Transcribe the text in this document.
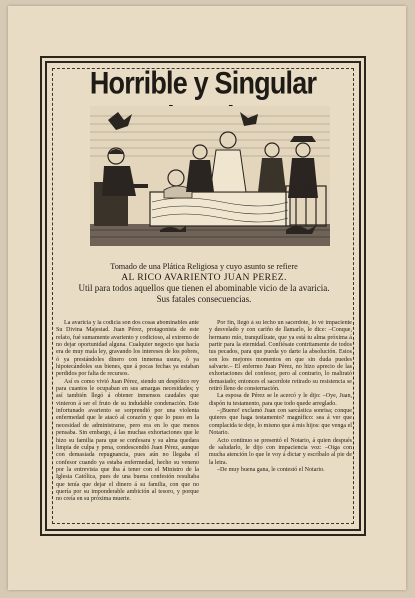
Horrible y Singular
Tomado de una Plática Religiosa y cuyo asunto se refiere
AL RICO AVARIENTO JUAN PEREZ.
Util para todos aquellos que tienen el abominable vicio de la avaricia.
Sus fatales consecuencias.

La avaricia y la codicia son dos cosas abominables ante Su Divina Majestad. Juan Pérez, protagonista de este relato, fué sumamente avariento y codicioso, al extremo de no dejar oportunidad alguna. Cualquier negocio que hacía era de muy mala ley, gravando los intereses de los pobres, ó ya prestándoles dinero con inmensa usura, ó ya hipotecándoles sus bienes, que á pocas fechas ya estaban perdidos por falta de recursos.

Así es como vivió Juan Pérez, siendo un despótico rey para cuantos le ocupaban en sus amargas necesidades; y así también llegó á obtener inmensos caudales que vinieron á ser el fruto de su indudable condenación. Este infortunado avariento se sorprendió por una violenta enfermedad que le atacó al corazón y que lo puso en la necesidad de administrarse, pero era en lo que menos pensaba. Sin embargo, á las muchas exhortaciones que le hizo su familia para que se confesara y su alma quedara limpia de culpa y pena, condescendió Juan Pérez, aunque con demasiada repugnancia, pues aún no llegaba el confesor cuando ya estaba enfermedad, hecho su veneno por la entrevista que iba á tener con el Ministro de la Iglesia Católica, pues de una buena confesión resultaba que tenía que dejar el dinero á su familia, con que no quería por su imponderable ambición al tesoro, y porque no creía en su próxima muerte.

Por fin, llegó á su lecho un sacerdote, lo vé impaciente y desvelado y con cariño de llamarlo, le dice: –Conque, hermano mío, tranquilízate, que ya está tu alma próxima á partir para la eternidad. Confiésate contritamente de todos tus pecados, para que pueda yo darte la absolución. Estos son los mejores momentos en que sin duda puedes salvarte.– El enfermo Juan Pérez, no hizo aprecio de las exhortaciones del confesor, pero al contrario, lo maltrató demasiado; entonces el sacerdote retirado su resistencia se retiró lleno de consternación.

La esposa de Pérez se le acercó y le dijo: –Oye, Juan, dispón tu testamento, para que todo quede arreglado.

–¡Bueno! exclamó Juan con sarcástica sonrisa; conque quieres que haga testamento? magnífico: sea á ver que complacida te deje, lo mismo que á mis hijos: que venga el Notario.

Acto continuo se presentó el Notario, á quien después de saludarlo, le dijo con impaciencia voz: –Oiga con mucha atención lo que le voy á dictar y escríbalo al pie de la letra.

–De muy buena gana, le contestó el Notario.
